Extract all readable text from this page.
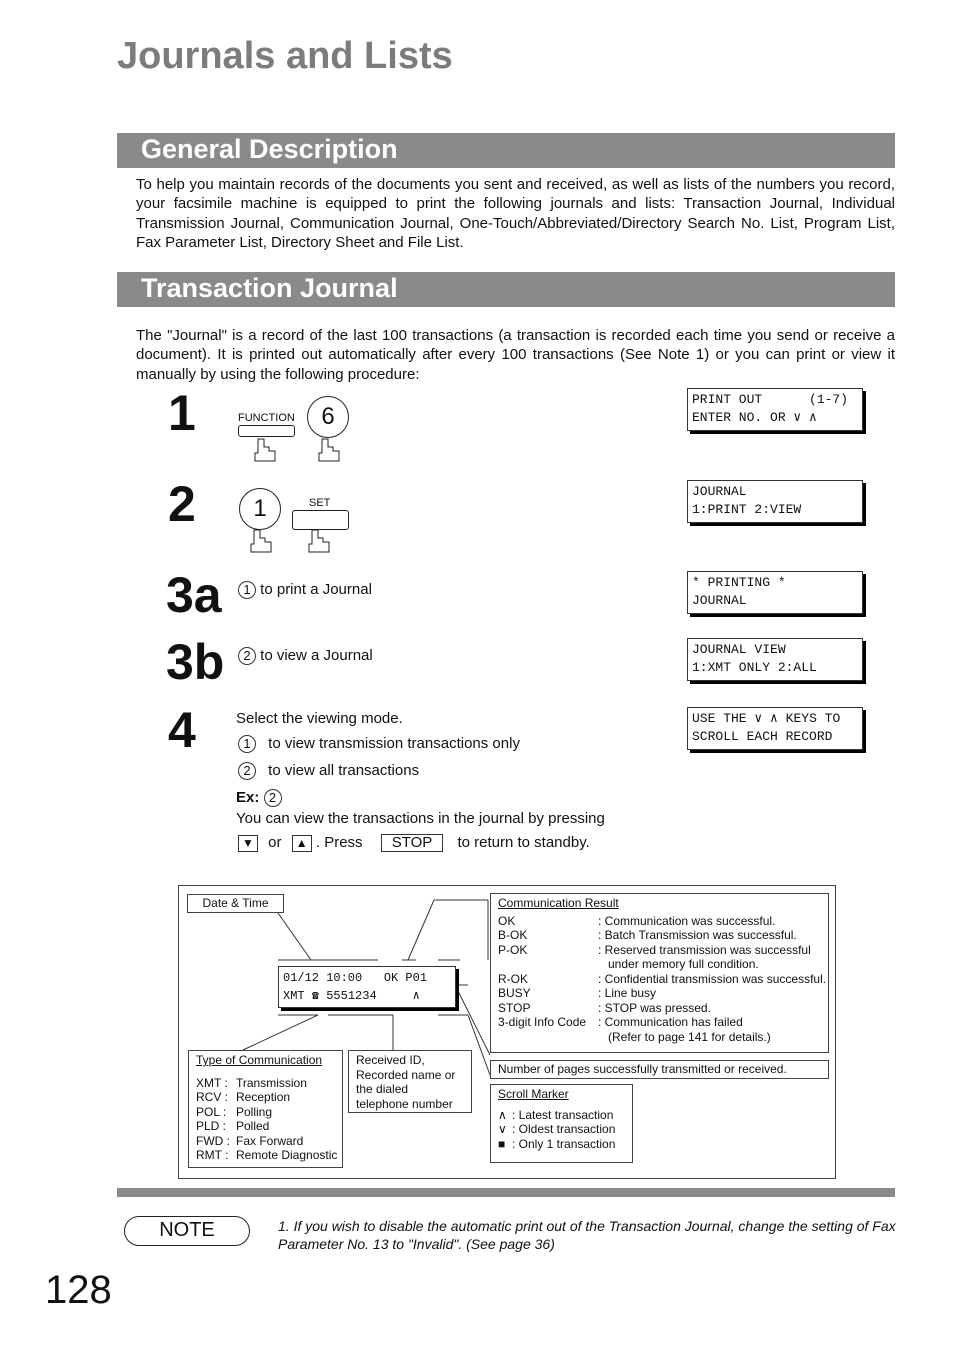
Journals and Lists
General Description
To help you maintain records of the documents you sent and received, as well as lists of the numbers you record, your facsimile machine is equipped to print the following journals and lists: Transaction Journal, Individual Transmission Journal, Communication Journal, One-Touch/Abbreviated/Directory Search No. List, Program List, Fax Parameter List, Directory Sheet and File List.
Transaction Journal
The "Journal" is a record of the last 100 transactions (a transaction is recorded each time you send or receive a document). It is printed out automatically after every 100 transactions (See Note 1) or you can print or view it manually by using the following procedure:
1	FUNCTION	6
PRINT OUT      (1-7)
ENTER NO. OR ∨ ∧
2	1	SET
JOURNAL
1:PRINT 2:VIEW
3a	1 to print a Journal	* PRINTING *
JOURNAL
3b	2 to view a Journal	JOURNAL VIEW
1:XMT ONLY 2:ALL
4	Select the viewing mode.
1 to view transmission transactions only
2 to view all transactions
Ex: 2
You can view the transactions in the journal by pressing
▼ or ▲ . Press STOP to return to standby.
USE THE ∨ ∧ KEYS TO
SCROLL EACH RECORD
Date & Time
01/12 10:00   OK P01
XMT ☎ 5551234     ∧
Communication Result
OK	: Communication was successful.
B-OK	: Batch Transmission was successful.
P-OK	: Reserved transmission was successful
under memory full condition.
R-OK	: Confidential transmission was successful.
BUSY	: Line busy
STOP	: STOP was pressed.
3-digit Info Code : Communication has failed
(Refer to page 141 for details.)
Number of pages successfully transmitted or received.
Type of Communication
XMT : Transmission
RCV : Reception
POL : Polling
PLD : Polled
FWD : Fax Forward
RMT : Remote Diagnostic
Received ID, Recorded name or the dialed telephone number
Scroll Marker
∧ : Latest transaction
∨ : Oldest transaction
■ : Only 1 transaction
NOTE	1. If you wish to disable the automatic print out of the Transaction Journal, change the setting of Fax Parameter No. 13 to "Invalid". (See page 36)
128
